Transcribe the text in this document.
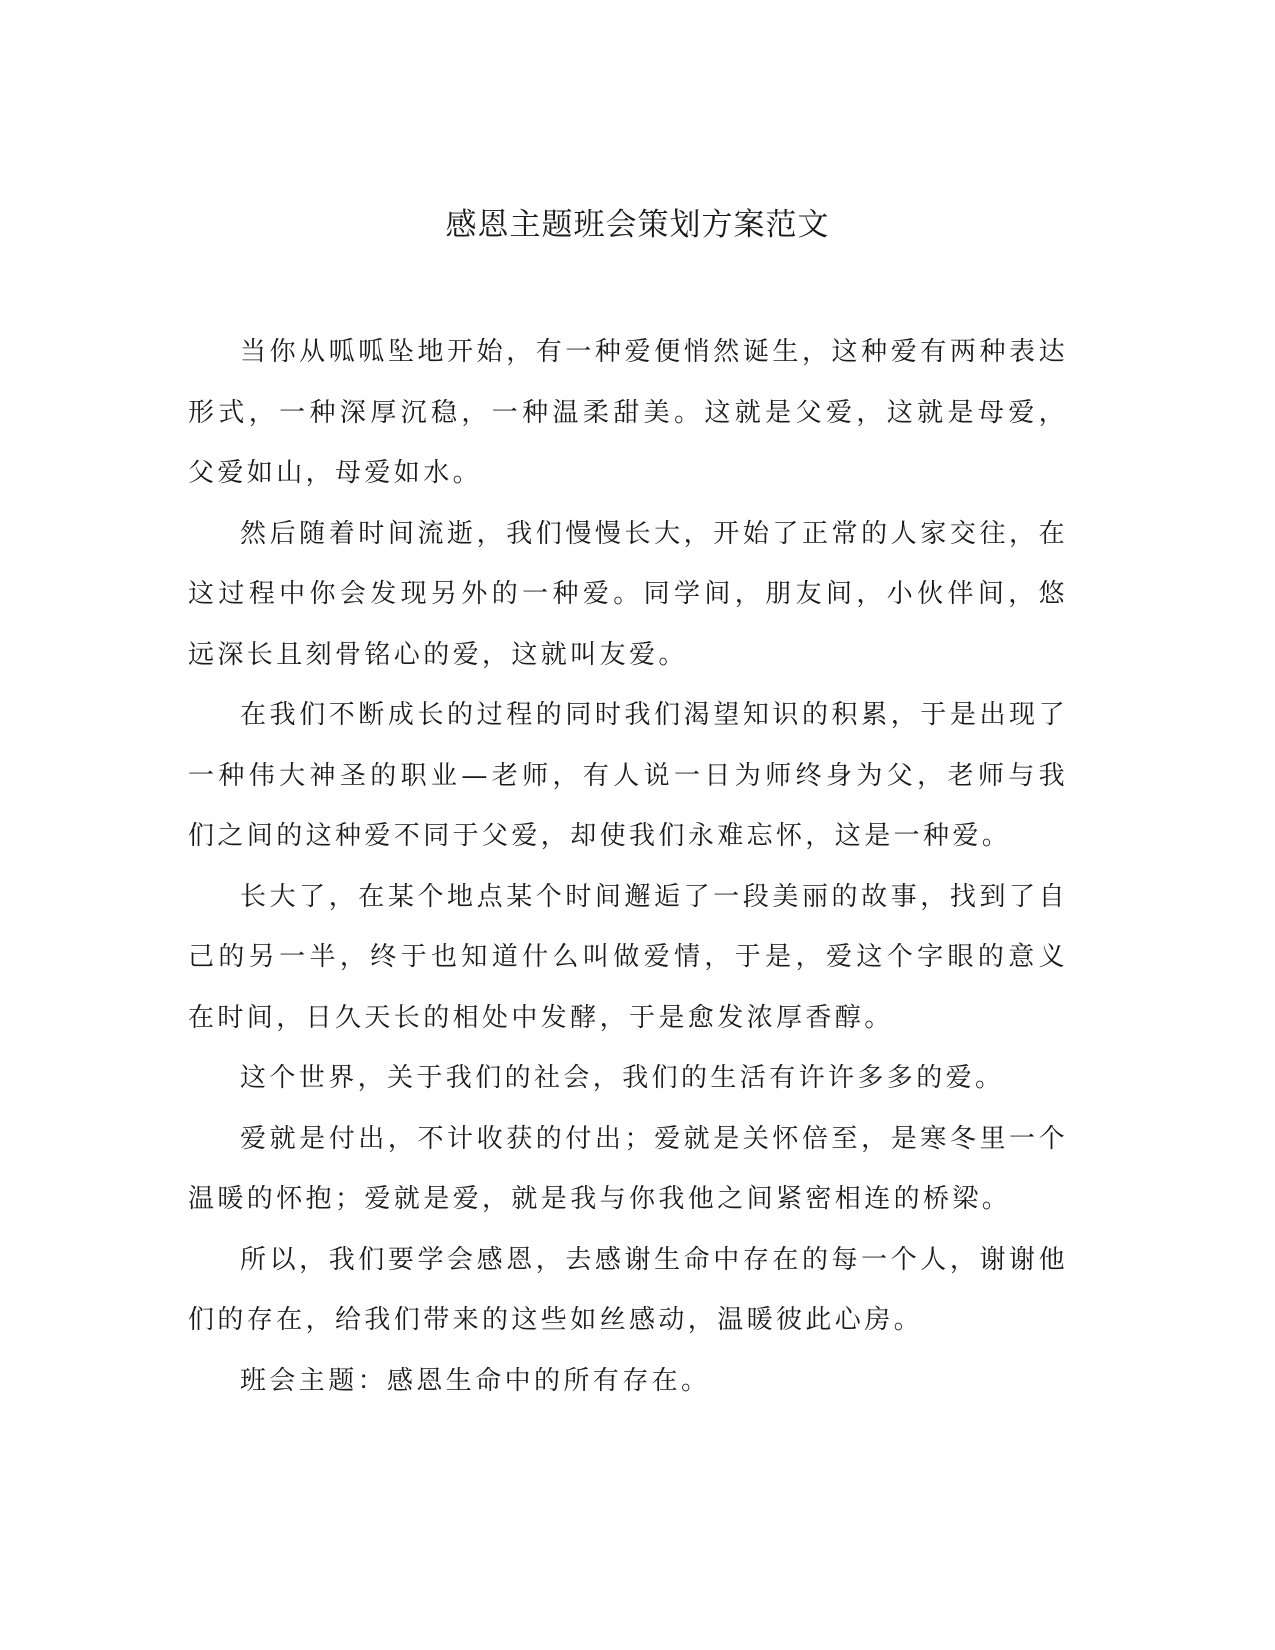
感恩主题班会策划方案范文

当你从呱呱坠地开始，有一种爱便悄然诞生，这种爱有两种表达形式，一种深厚沉稳，一种温柔甜美。这就是父爱，这就是母爱，父爱如山，母爱如水。

然后随着时间流逝，我们慢慢长大，开始了正常的人家交往，在这过程中你会发现另外的一种爱。同学间，朋友间，小伙伴间，悠远深长且刻骨铭心的爱，这就叫友爱。

在我们不断成长的过程的同时我们渴望知识的积累，于是出现了一种伟大神圣的职业—老师，有人说一日为师终身为父，老师与我们之间的这种爱不同于父爱，却使我们永难忘怀，这是一种爱。

长大了，在某个地点某个时间邂逅了一段美丽的故事，找到了自己的另一半，终于也知道什么叫做爱情，于是，爱这个字眼的意义在时间，日久天长的相处中发酵，于是愈发浓厚香醇。

这个世界，关于我们的社会，我们的生活有许许多多的爱。

爱就是付出，不计收获的付出；爱就是关怀倍至，是寒冬里一个温暖的怀抱；爱就是爱，就是我与你我他之间紧密相连的桥梁。

所以，我们要学会感恩，去感谢生命中存在的每一个人，谢谢他们的存在，给我们带来的这些如丝感动，温暖彼此心房。

班会主题：感恩生命中的所有存在。
